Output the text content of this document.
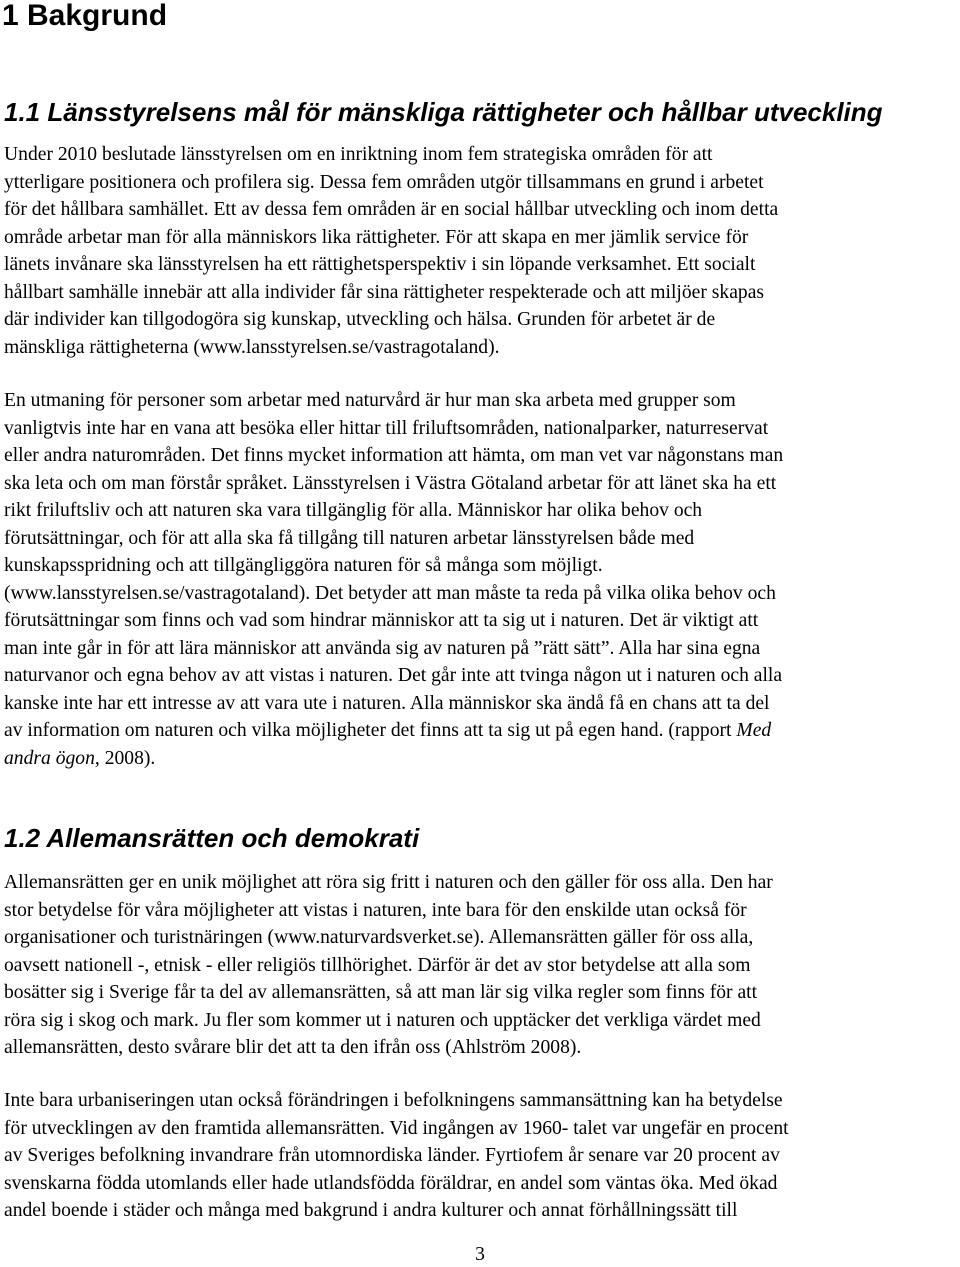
1 Bakgrund
1.1 Länsstyrelsens mål för mänskliga rättigheter och hållbar utveckling

Under 2010 beslutade länsstyrelsen om en inriktning inom fem strategiska områden för att
ytterligare positionera och profilera sig. Dessa fem områden utgör tillsammans en grund i arbetet
för det hållbara samhället. Ett av dessa fem områden är en social hållbar utveckling och inom detta
område arbetar man för alla människors lika rättigheter. För att skapa en mer jämlik service för
länets invånare ska länsstyrelsen ha ett rättighetsperspektiv i sin löpande verksamhet. Ett socialt
hållbart samhälle innebär att alla individer får sina rättigheter respekterade och att miljöer skapas
där individer kan tillgodogöra sig kunskap, utveckling och hälsa. Grunden för arbetet är de
mänskliga rättigheterna (www.lansstyrelsen.se/vastragotaland).

En utmaning för personer som arbetar med naturvård är hur man ska arbeta med grupper som
vanligtvis inte har en vana att besöka eller hittar till friluftsområden, nationalparker, naturreservat
eller andra naturområden. Det finns mycket information att hämta, om man vet var någonstans man
ska leta och om man förstår språket. Länsstyrelsen i Västra Götaland arbetar för att länet ska ha ett
rikt friluftsliv och att naturen ska vara tillgänglig för alla. Människor har olika behov och
förutsättningar, och för att alla ska få tillgång till naturen arbetar länsstyrelsen både med
kunskapsspridning och att tillgängliggöra naturen för så många som möjligt.
(www.lansstyrelsen.se/vastragotaland). Det betyder att man måste ta reda på vilka olika behov och
förutsättningar som finns och vad som hindrar människor att ta sig ut i naturen. Det är viktigt att
man inte går in för att lära människor att använda sig av naturen på ”rätt sätt”. Alla har sina egna
naturvanor och egna behov av att vistas i naturen. Det går inte att tvinga någon ut i naturen och alla
kanske inte har ett intresse av att vara ute i naturen. Alla människor ska ändå få en chans att ta del
av information om naturen och vilka möjligheter det finns att ta sig ut på egen hand. (rapport Med
andra ögon, 2008).

1.2 Allemansrätten och demokrati

Allemansrätten ger en unik möjlighet att röra sig fritt i naturen och den gäller för oss alla. Den har
stor betydelse för våra möjligheter att vistas i naturen, inte bara för den enskilde utan också för
organisationer och turistnäringen (www.naturvardsverket.se). Allemansrätten gäller för oss alla,
oavsett nationell -, etnisk - eller religiös tillhörighet. Därför är det av stor betydelse att alla som
bosätter sig i Sverige får ta del av allemansrätten, så att man lär sig vilka regler som finns för att
röra sig i skog och mark. Ju fler som kommer ut i naturen och upptäcker det verkliga värdet med
allemansrätten, desto svårare blir det att ta den ifrån oss (Ahlström 2008).

Inte bara urbaniseringen utan också förändringen i befolkningens sammansättning kan ha betydelse
för utvecklingen av den framtida allemansrätten. Vid ingången av 1960- talet var ungefär en procent
av Sveriges befolkning invandrare från utomnordiska länder. Fyrtiofem år senare var 20 procent av
svenskarna födda utomlands eller hade utlandsfödda föräldrar, en andel som väntas öka. Med ökad
andel boende i städer och många med bakgrund i andra kulturer och annat förhållningssätt till

3
